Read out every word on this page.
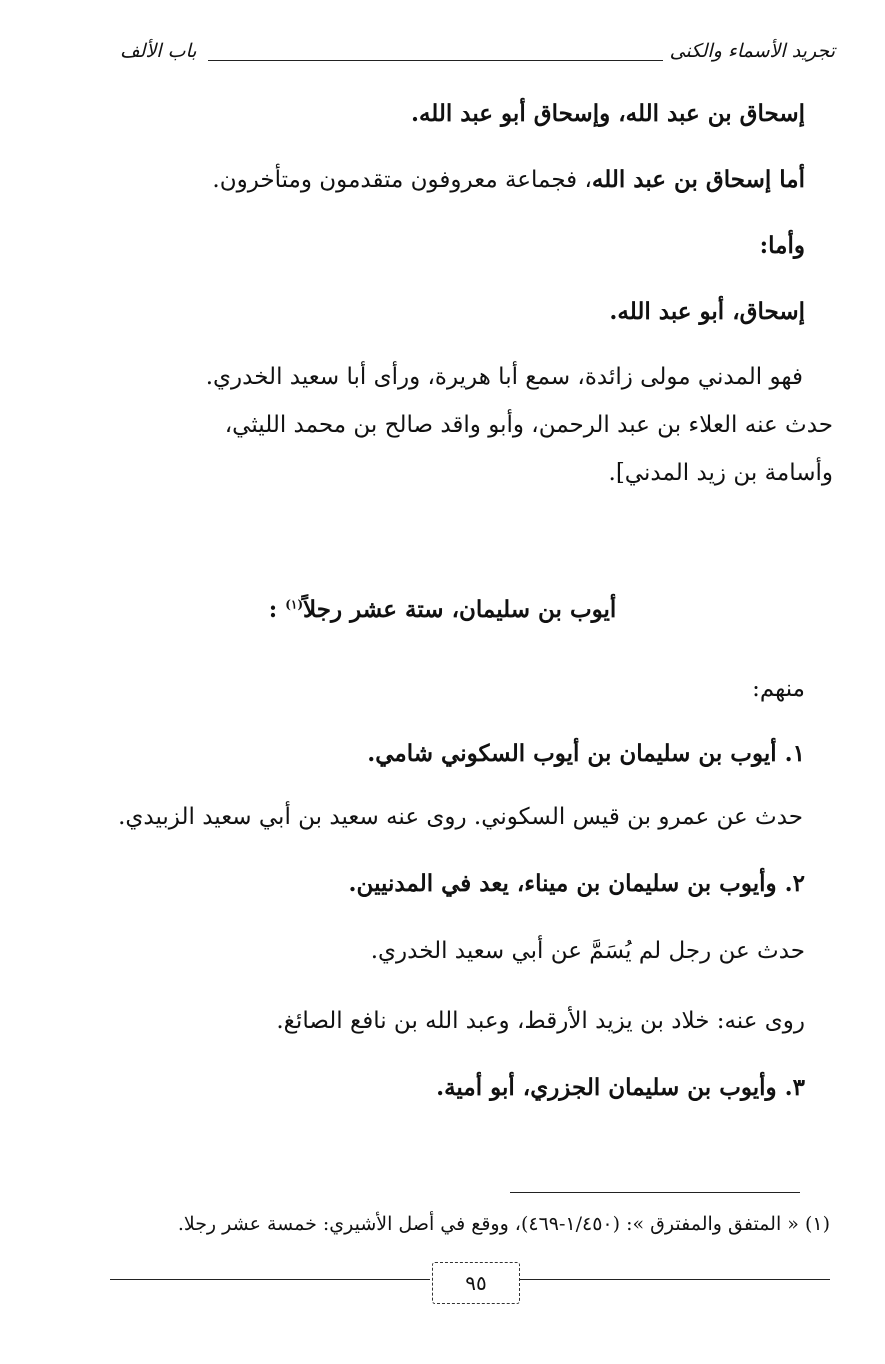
تجريد الأسماء والكنى
باب الألف
إسحاق بن عبد الله، وإسحاق أبو عبد الله.
أما إسحاق بن عبد الله، فجماعة معروفون متقدمون ومتأخرون.
وأما:
إسحاق، أبو عبد الله.
فهو المدني مولى زائدة، سمع أبا هريرة، ورأى أبا سعيد الخدري.
حدث عنه العلاء بن عبد الرحمن، وأبو واقد صالح بن محمد الليثي،
وأسامة بن زيد المدني].
أيوب بن سليمان، ستة عشر رجلاً$^{(١)}$ :
منهم:
١. أيوب بن سليمان بن أيوب السكوني شامي.
حدث عن عمرو بن قيس السكوني. روى عنه سعيد بن أبي سعيد الزبيدي.
٢. وأيوب بن سليمان بن ميناء، يعد في المدنيين.
حدث عن رجل لم يُسَمَّ عن أبي سعيد الخدري.
روى عنه: خلاد بن يزيد الأرقط، وعبد الله بن نافع الصائغ.
٣. وأيوب بن سليمان الجزري، أبو أمية.
(١) « المتفق والمفترق »: (١/٤٥٠-٤٦٩)، ووقع في أصل الأشيري: خمسة عشر رجلا.
٩٥
